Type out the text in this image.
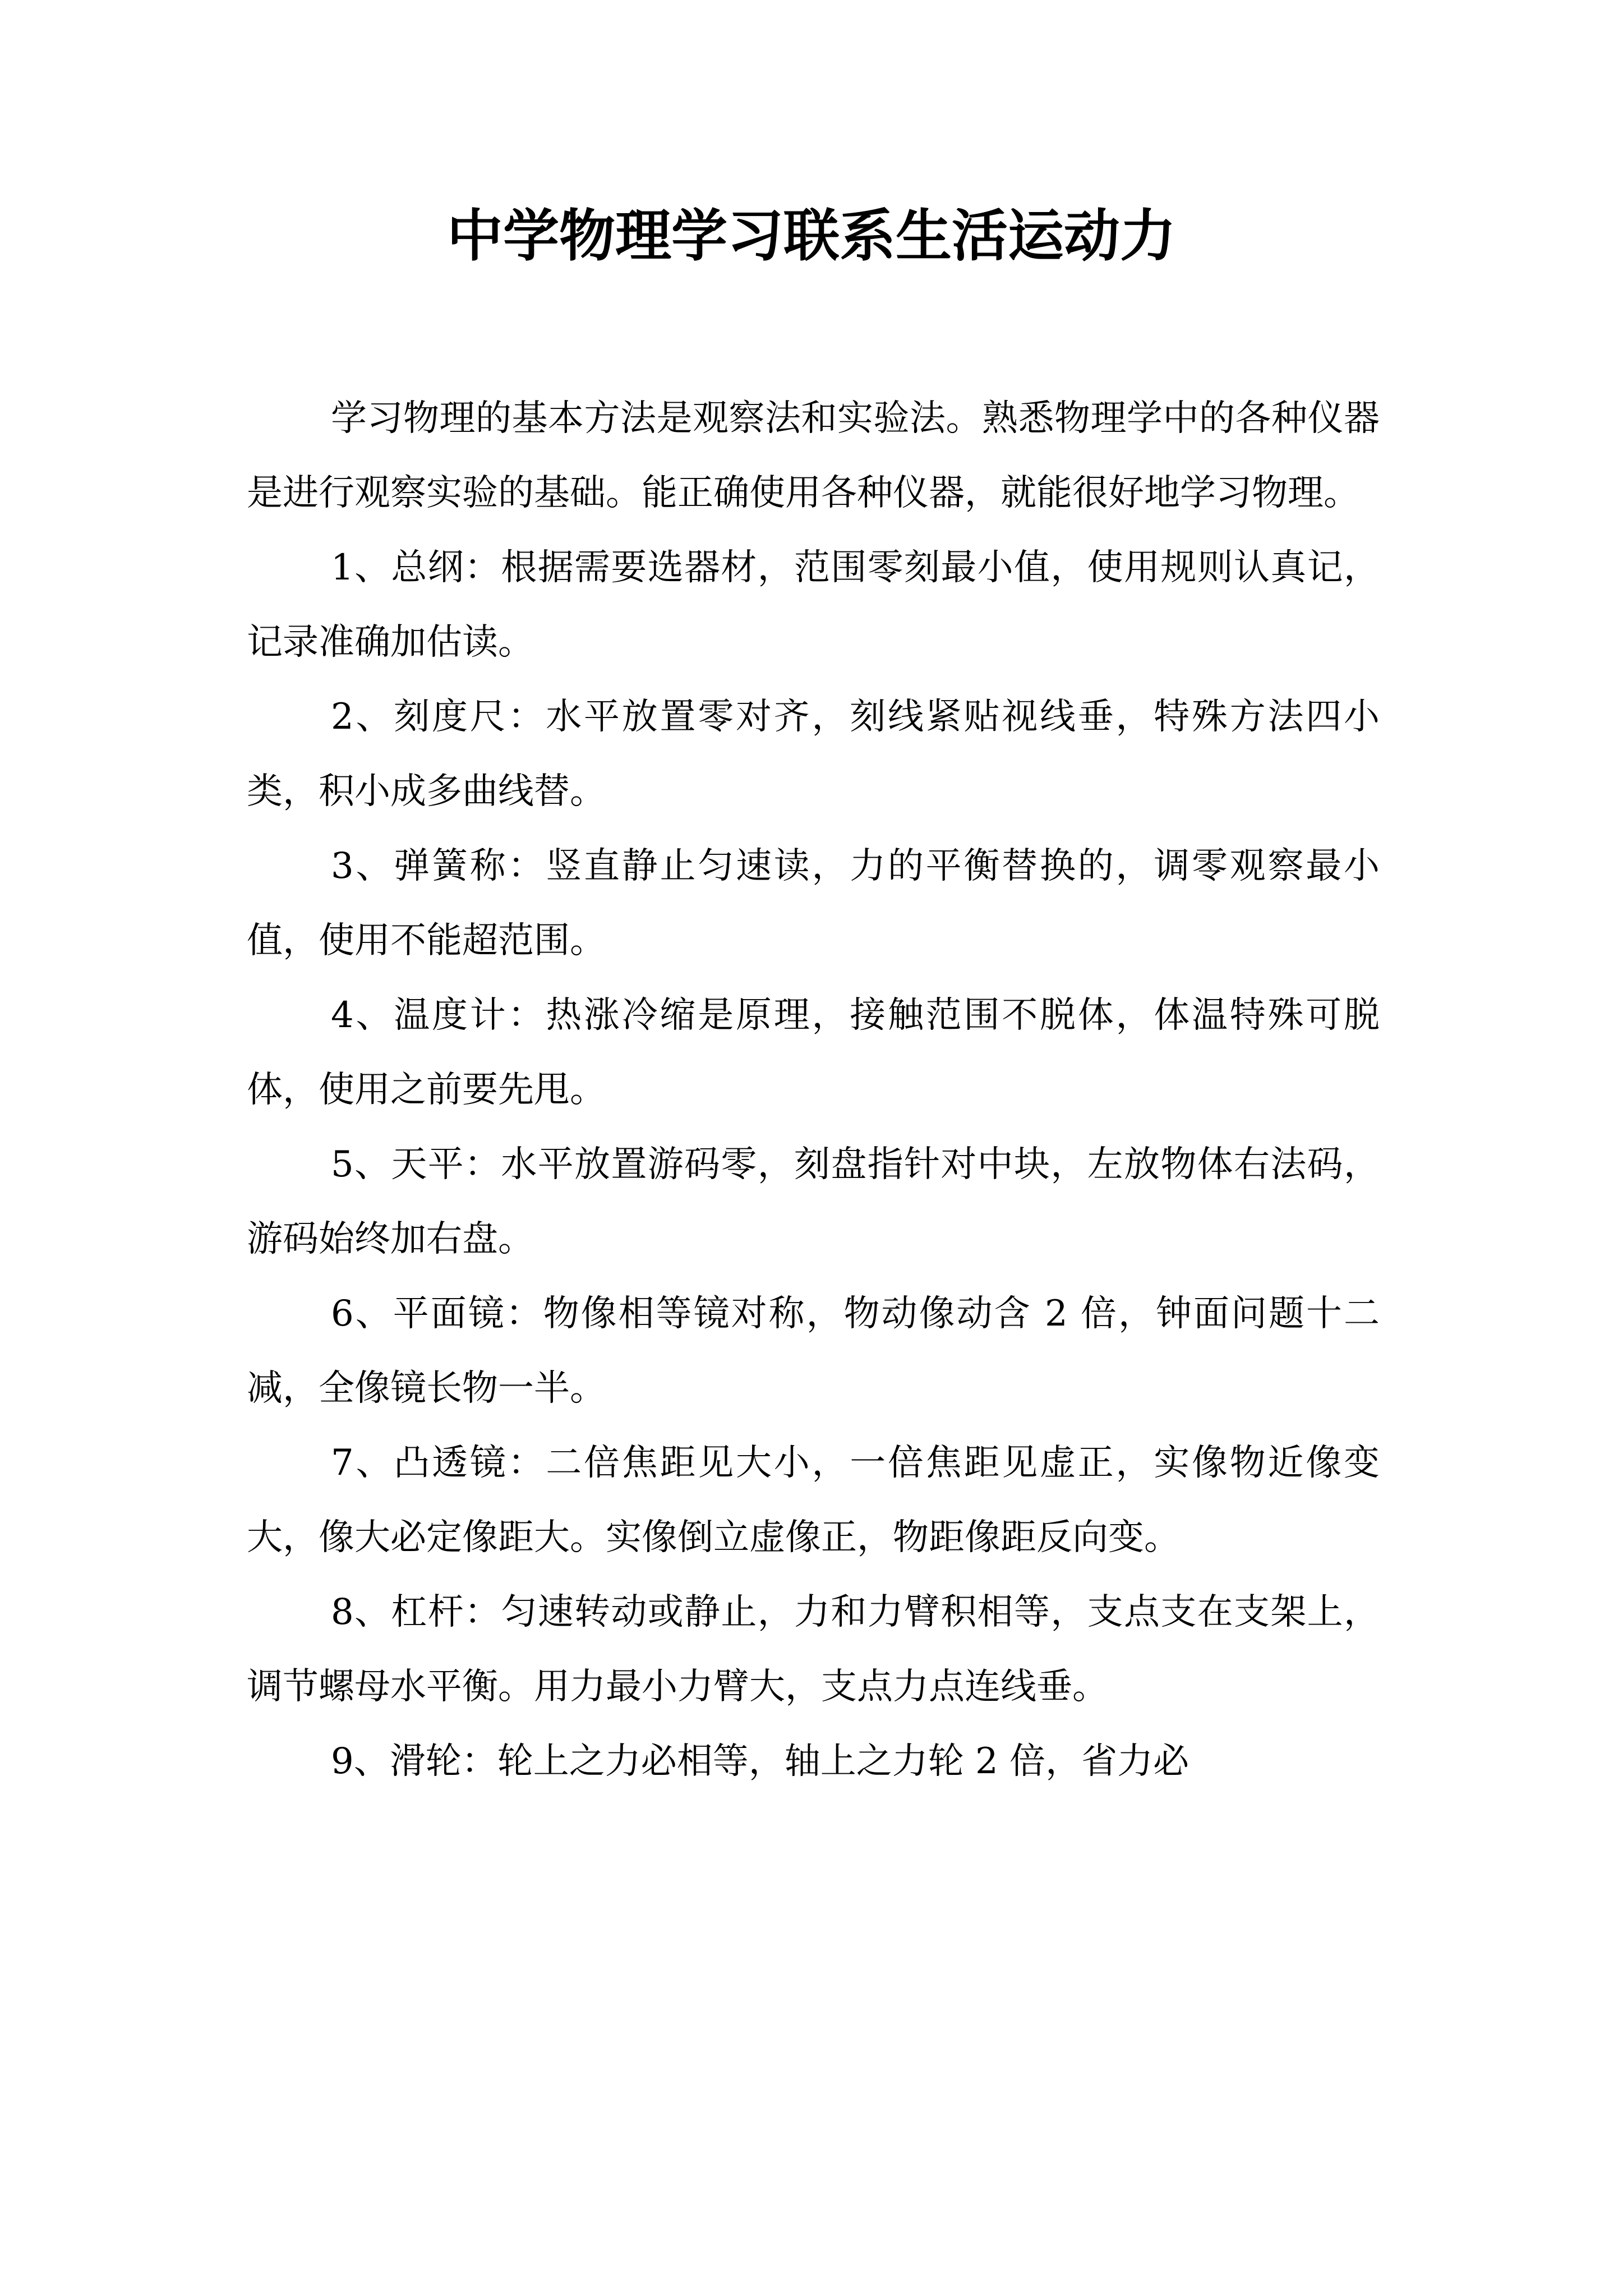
中学物理学习联系生活运动力

学习物理的基本方法是观察法和实验法。熟悉物理学中的各种仪器是进行观察实验的基础。能正确使用各种仪器，就能很好地学习物理。

1、总纲：根据需要选器材，范围零刻最小值，使用规则认真记，记录准确加估读。

2、刻度尺：水平放置零对齐，刻线紧贴视线垂，特殊方法四小类，积小成多曲线替。

3、弹簧称：竖直静止匀速读，力的平衡替换的，调零观察最小值，使用不能超范围。

4、温度计：热涨冷缩是原理，接触范围不脱体，体温特殊可脱体，使用之前要先甩。

5、天平：水平放置游码零，刻盘指针对中块，左放物体右法码，游码始终加右盘。

6、平面镜：物像相等镜对称，物动像动含 2 倍，钟面问题十二减，全像镜长物一半。

7、凸透镜：二倍焦距见大小，一倍焦距见虚正，实像物近像变大，像大必定像距大。实像倒立虚像正，物距像距反向变。

8、杠杆：匀速转动或静止，力和力臂积相等，支点支在支架上，调节螺母水平衡。用力最小力臂大，支点力点连线垂。

9、滑轮：轮上之力必相等，轴上之力轮 2 倍，省力必
